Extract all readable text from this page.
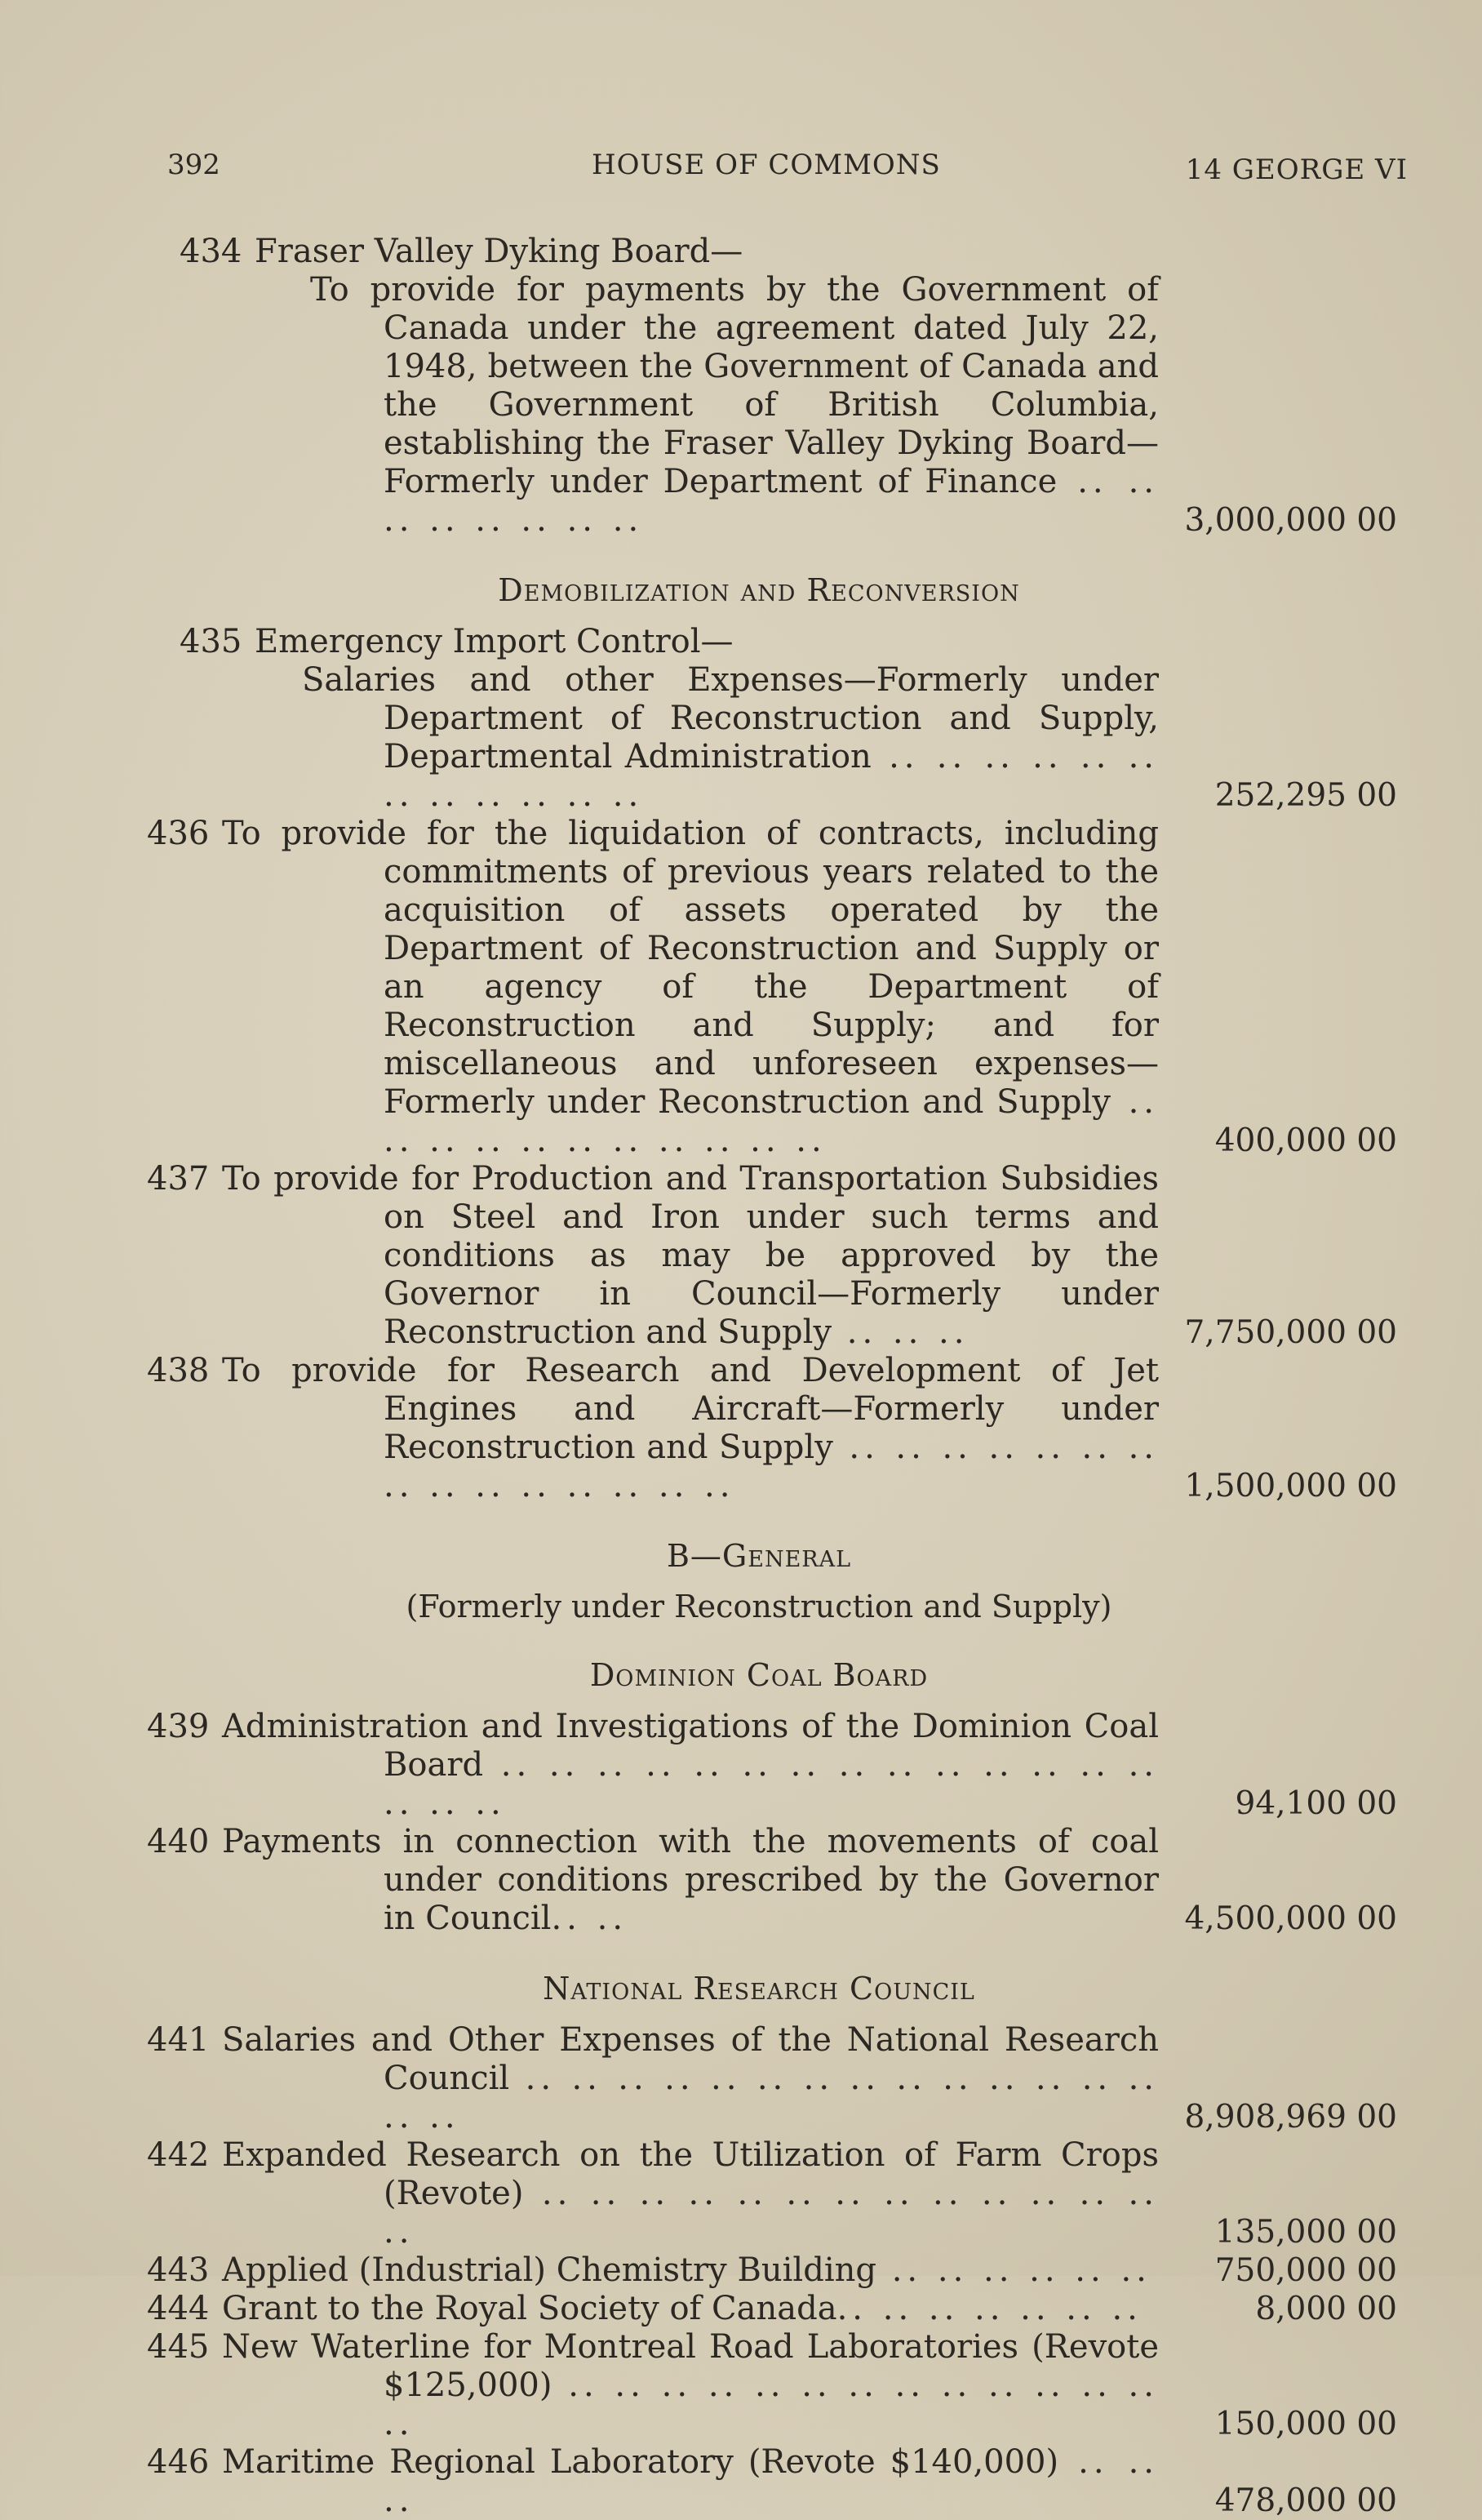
392	HOUSE OF COMMONS	14 GEORGE VI
434 Fraser Valley Dyking Board—
To provide for payments by the Government of Canada under the agreement dated July 22, 1948, between the Government of Canada and the Government of British Columbia, establishing the Fraser Valley Dyking Board—Formerly under Department of Finance .. .. .. .. .. .. .. ..	3,000,000 00
Demobilization and Reconversion
435 Emergency Import Control—
Salaries and other Expenses—Formerly under Department of Reconstruction and Supply, Departmental Administration .. .. .. .. .. .. .. .. .. .. .. ..	252,295 00
436 To provide for the liquidation of contracts, including commitments of previous years related to the acquisition of assets operated by the Department of Reconstruction and Supply or an agency of the Department of Reconstruction and Supply; and for miscellaneous and unforeseen expenses—Formerly under Reconstruction and Supply .. .. .. .. .. .. .. .. .. .. ..	400,000 00
437 To provide for Production and Transportation Subsidies on Steel and Iron under such terms and conditions as may be approved by the Governor in Council—Formerly under Reconstruction and Supply .. .. ..	7,750,000 00
438 To provide for Research and Development of Jet Engines and Aircraft—Formerly under Reconstruction and Supply .. .. .. .. .. .. .. .. .. .. .. .. .. .. ..	1,500,000 00
B—General
(Formerly under Reconstruction and Supply)
Dominion Coal Board
439 Administration and Investigations of the Dominion Coal Board .. .. .. .. .. .. .. .. .. .. .. .. .. .. .. .. ..	94,100 00
440 Payments in connection with the movements of coal under conditions prescribed by the Governor in Council.. ..	4,500,000 00
National Research Council
441 Salaries and Other Expenses of the National Research Council .. .. .. .. .. .. .. .. .. .. .. .. .. .. .. ..	8,908,969 00
442 Expanded Research on the Utilization of Farm Crops (Revote) .. .. .. .. .. .. .. .. .. .. .. .. .. ..	135,000 00
443 Applied (Industrial) Chemistry Building .. .. .. .. .. .. 750,000 00
444 Grant to the Royal Society of Canada.. .. .. .. .. .. ..	8,000 00
445 New Waterline for Montreal Road Laboratories (Revote $125,000) .. .. .. .. .. .. .. .. .. .. .. .. .. ..	150,000 00
446 Maritime Regional Laboratory (Revote $140,000) .. .. ..	478,000 00
